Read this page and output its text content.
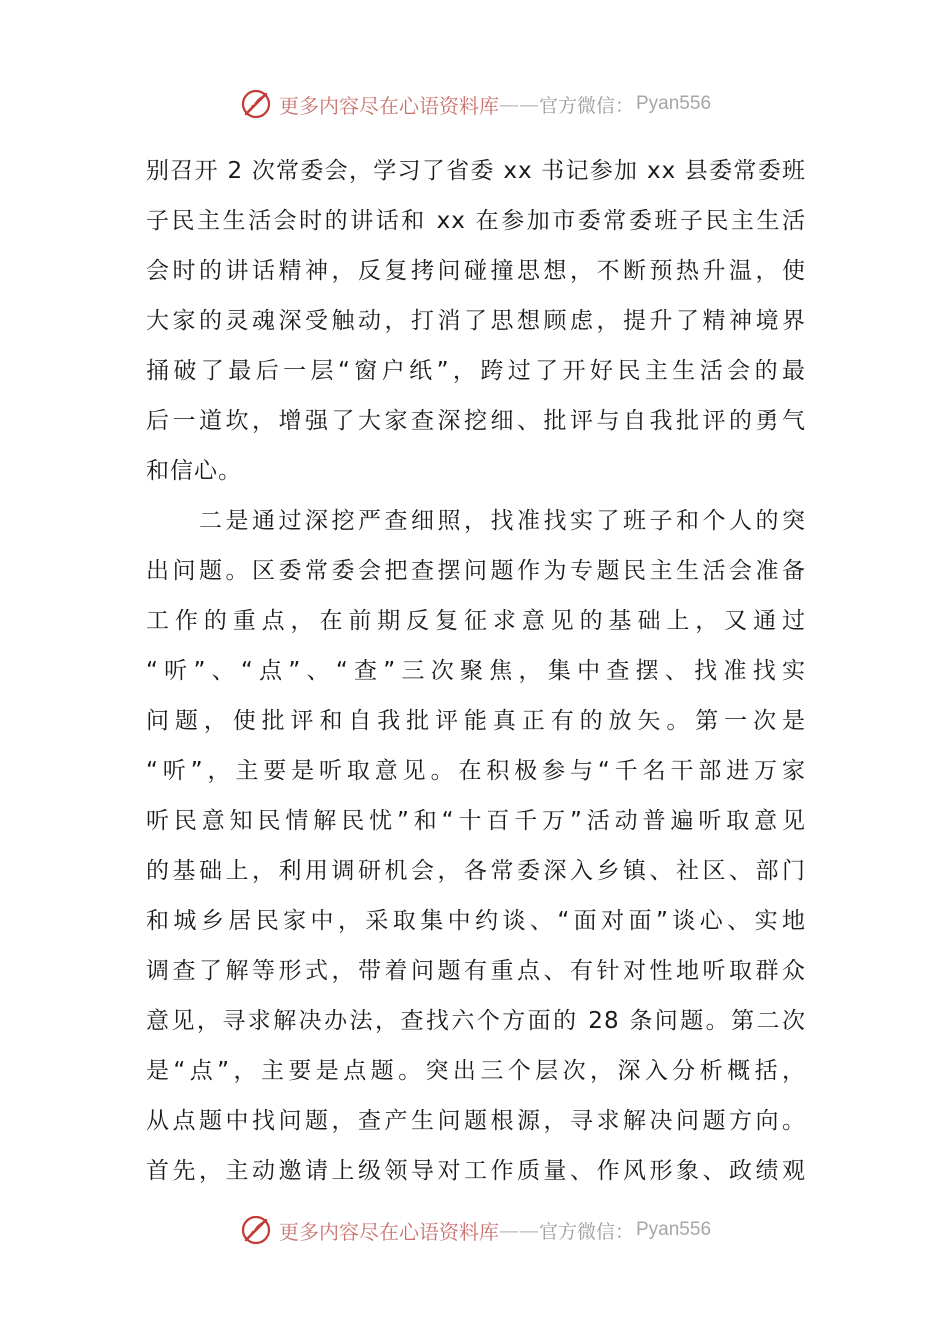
更多内容尽在心语资料库 —— 官方微信： Pyan556
别召开 2 次常委会，学习了省委 xx 书记参加 xx 县委常委班
子民主生活会时的讲话和 xx 在参加市委常委班子民主生活
会时的讲话精神，反复拷问碰撞思想，不断预热升温，使
大家的灵魂深受触动，打消了思想顾虑，提升了精神境界
捅破了最后一层“窗户纸”，跨过了开好民主生活会的最
后一道坎，增强了大家查深挖细、批评与自我批评的勇气
和信心。
　　二是通过深挖严查细照，找准找实了班子和个人的突
出问题。区委常委会把查摆问题作为专题民主生活会准备
工作的重点，在前期反复征求意见的基础上，又通过
“听”、“点”、“查”三次聚焦，集中查摆、找准找实
问题，使批评和自我批评能真正有的放矢。第一次是
“听”，主要是听取意见。在积极参与“千名干部进万家
听民意知民情解民忧”和“十百千万”活动普遍听取意见
的基础上，利用调研机会，各常委深入乡镇、社区、部门
和城乡居民家中，采取集中约谈、“面对面”谈心、实地
调查了解等形式，带着问题有重点、有针对性地听取群众
意见，寻求解决办法，查找六个方面的 28 条问题。第二次
是“点”，主要是点题。突出三个层次，深入分析概括，
从点题中找问题，查产生问题根源，寻求解决问题方向。
首先，主动邀请上级领导对工作质量、作风形象、政绩观
更多内容尽在心语资料库 —— 官方微信： Pyan556
